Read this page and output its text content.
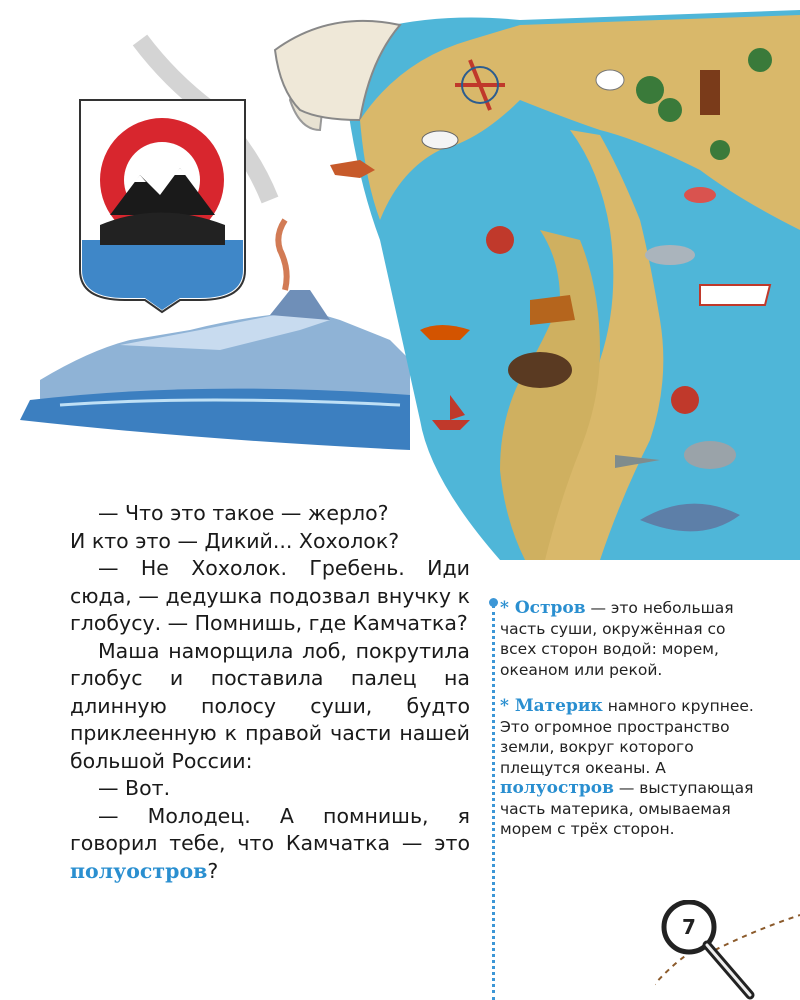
— Что это такое — жерло?

И кто это — Дикий... Хохолок?

— Не Хохолок. Гребень. Иди сюда, — дедушка подозвал внучку к глобусу. — Помнишь, где Камчатка?

Маша наморщила лоб, покрутила глобус и поставила палец на длинную полосу суши, будто приклеенную к правой части нашей большой России:

— Вот.

— Молодец. А помнишь, я говорил тебе, что Камчатка — это полуостров?

* Остров — это небольшая часть суши, окружённая со всех сторон водой: морем, океаном или рекой.

* Материк намного крупнее. Это огромное пространство земли, вокруг которого плещутся океаны. А полуостров — выступающая часть материка, омываемая морем с трёх сторон.

7
